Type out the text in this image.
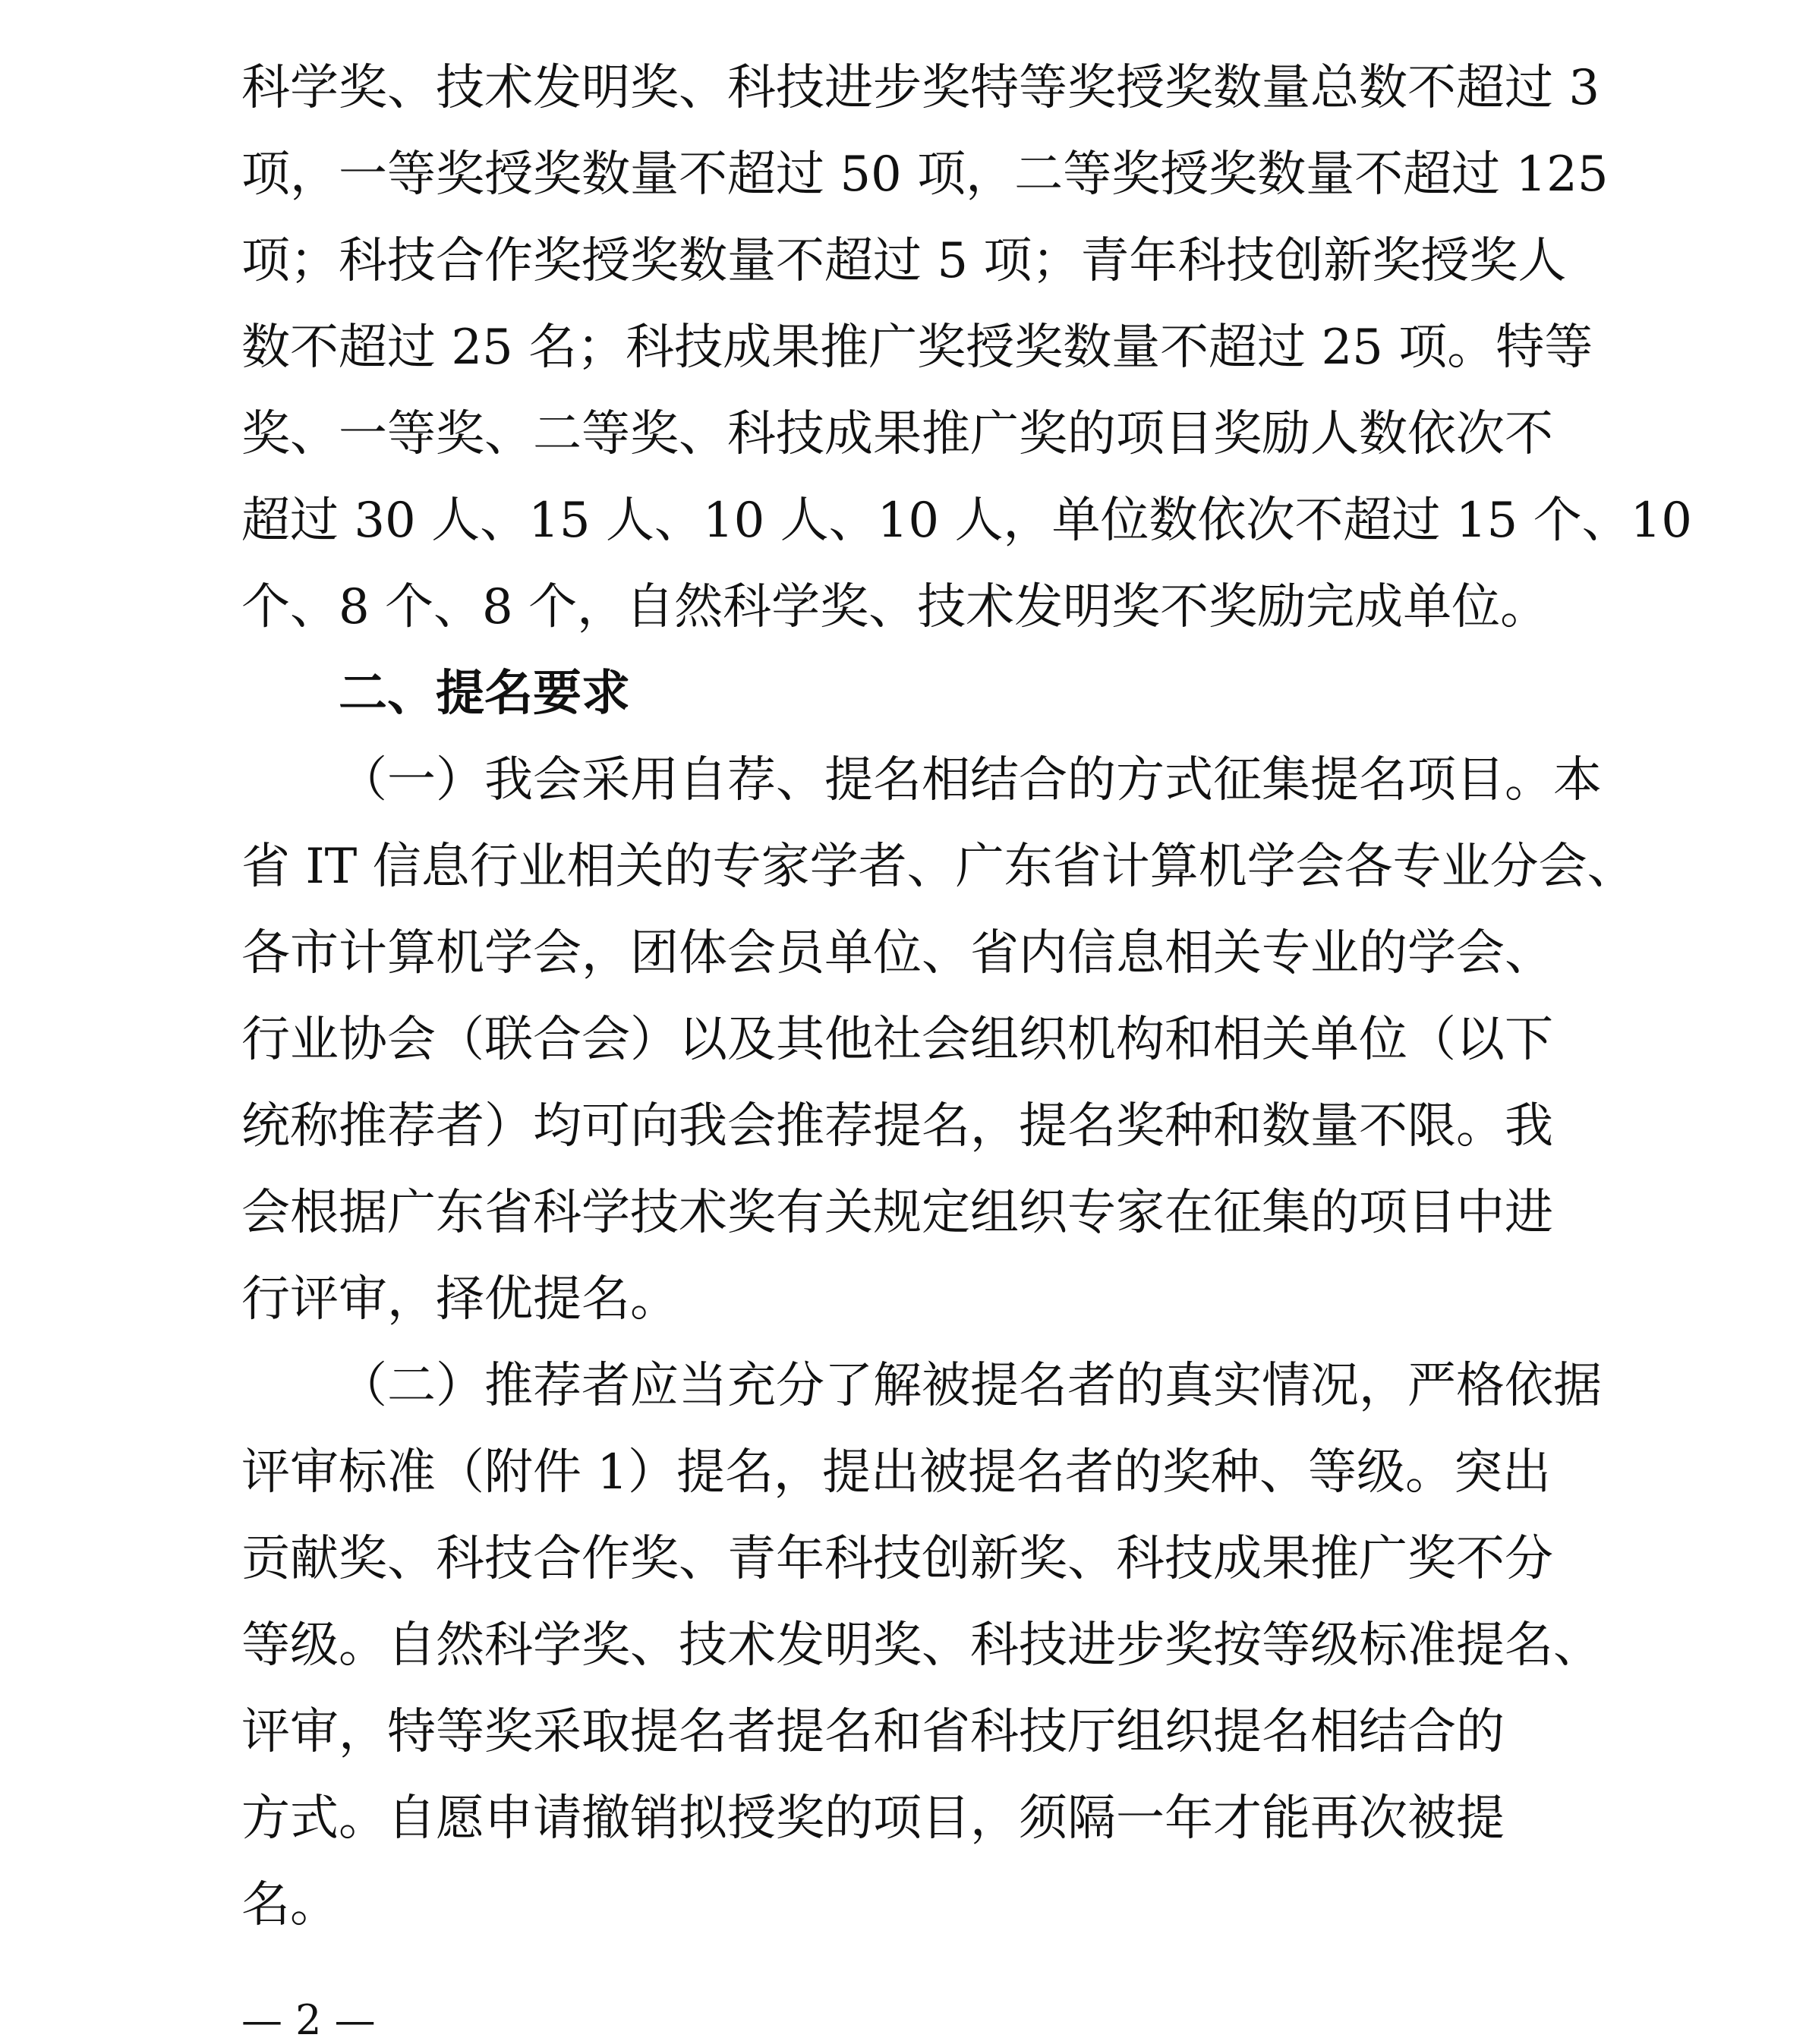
科学奖、技术发明奖、科技进步奖特等奖授奖数量总数不超过 3
项，一等奖授奖数量不超过 50 项，二等奖授奖数量不超过 125
项；科技合作奖授奖数量不超过 5 项；青年科技创新奖授奖人
数不超过 25 名；科技成果推广奖授奖数量不超过 25 项。特等
奖、一等奖、二等奖、科技成果推广奖的项目奖励人数依次不
超过 30 人、15 人、10 人、10 人，单位数依次不超过 15 个、10
个、8 个、8 个，自然科学奖、技术发明奖不奖励完成单位。
二、提名要求
（一）我会采用自荐、提名相结合的方式征集提名项目。本
省 IT 信息行业相关的专家学者、广东省计算机学会各专业分会、
各市计算机学会，团体会员单位、省内信息相关专业的学会、
行业协会（联合会）以及其他社会组织机构和相关单位（以下
统称推荐者）均可向我会推荐提名，提名奖种和数量不限。我
会根据广东省科学技术奖有关规定组织专家在征集的项目中进
行评审，择优提名。
（二）推荐者应当充分了解被提名者的真实情况，严格依据
评审标准（附件 1）提名，提出被提名者的奖种、等级。突出
贡献奖、科技合作奖、青年科技创新奖、科技成果推广奖不分
等级。自然科学奖、技术发明奖、科技进步奖按等级标准提名、
评审，特等奖采取提名者提名和省科技厅组织提名相结合的
方式。自愿申请撤销拟授奖的项目，须隔一年才能再次被提
名。
— 2 —
